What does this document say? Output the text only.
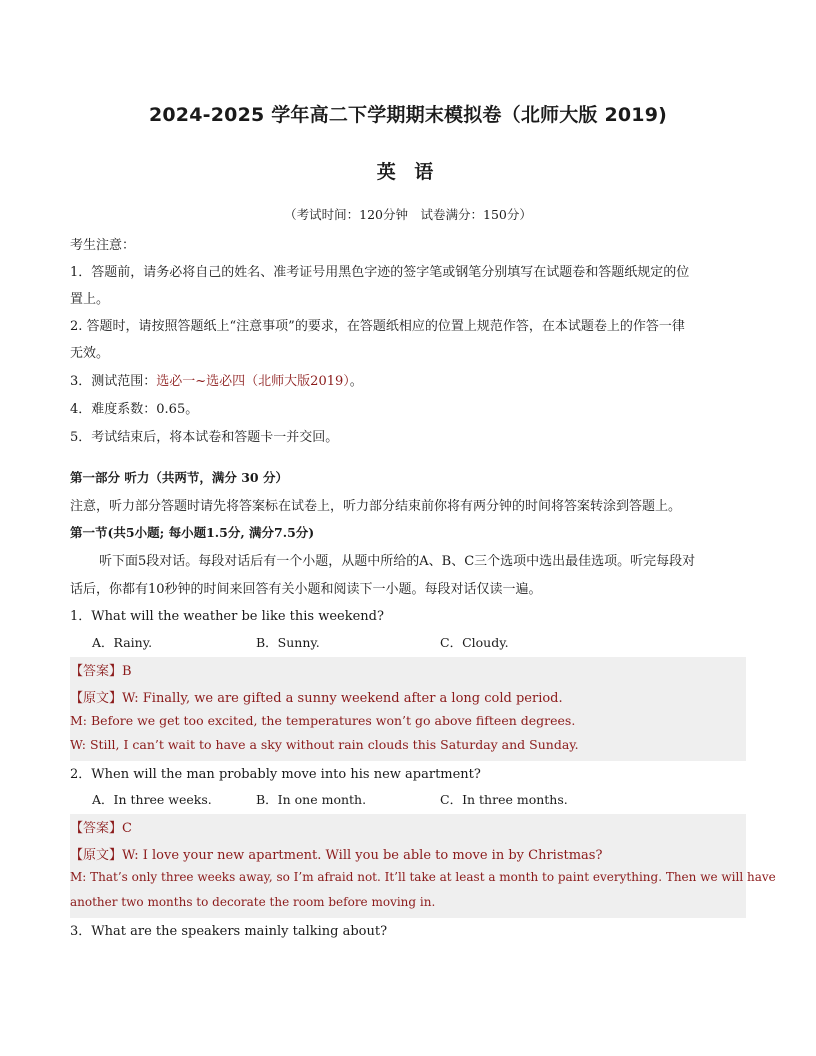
2024-2025 学年高二下学期期末模拟卷（北师大版 2019)
英 语
（考试时间：120分钟　试卷满分：150分）
考生注意：
1．答题前，请务必将自己的姓名、准考证号用黑色字迹的签字笔或钢笔分别填写在试题卷和答题纸规定的位
置上。
2. 答题时，请按照答题纸上“注意事项”的要求，在答题纸相应的位置上规范作答，在本试题卷上的作答一律
无效。
3．测试范围：选必一~选必四（北师大版2019）。
4．难度系数：0.65。
5．考试结束后，将本试卷和答题卡一并交回。
第一部分 听力（共两节，满分 30 分）
注意，听力部分答题时请先将答案标在试卷上，听力部分结束前你将有两分钟的时间将答案转涂到答题上。
第一节(共5小题; 每小题1.5分, 满分7.5分)
听下面5段对话。每段对话后有一个小题，从题中所给的A、B、C三个选项中选出最佳选项。听完每段对
话后，你都有10秒钟的时间来回答有关小题和阅读下一小题。每段对话仅读一遍。
1．What will the weather be like this weekend?
A．Rainy.	B．Sunny.	C．Cloudy.
【答案】B
【原文】W: Finally, we are gifted a sunny weekend after a long cold period.
M: Before we get too excited, the temperatures won’t go above fifteen degrees.
W: Still, I can’t wait to have a sky without rain clouds this Saturday and Sunday.
2．When will the man probably move into his new apartment?
A．In three weeks.	B．In one month.	C．In three months.
【答案】C
【原文】W: I love your new apartment. Will you be able to move in by Christmas?
M: That’s only three weeks away, so I’m afraid not. It’ll take at least a month to paint everything. Then we will have
another two months to decorate the room before moving in.
3．What are the speakers mainly talking about?
